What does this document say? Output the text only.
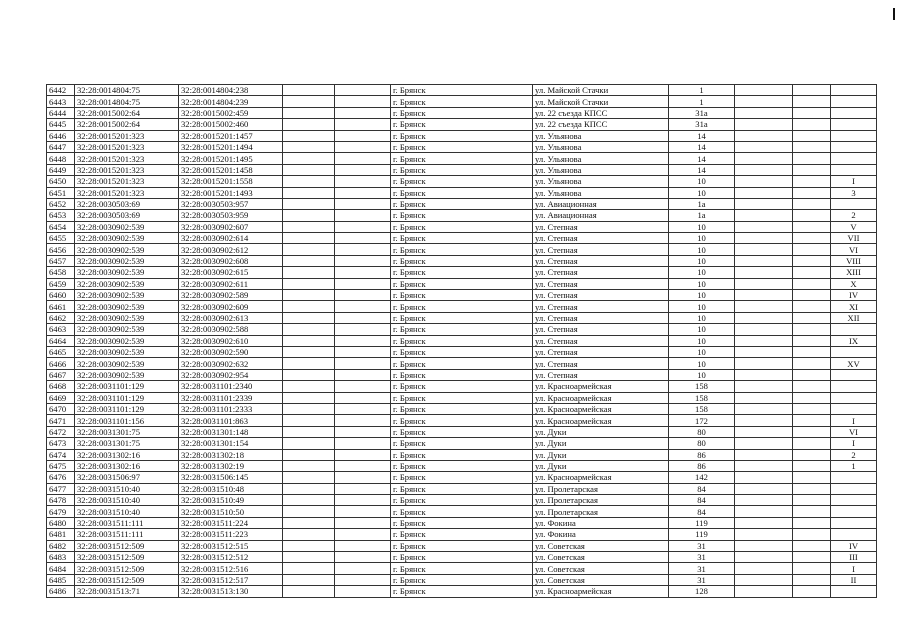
6442	32:28:0014804:75	32:28:0014804:238			г. Брянск	ул. Майской Стачки	1			
6443	32:28:0014804:75	32:28:0014804:239			г. Брянск	ул. Майской Стачки	1			
6444	32:28:0015002:64	32:28:0015002:459			г. Брянск	ул. 22 съезда КПСС	31а			
6445	32:28:0015002:64	32:28:0015002:460			г. Брянск	ул. 22 съезда КПСС	31а			
6446	32:28:0015201:323	32:28:0015201:1457			г. Брянск	ул. Ульянова	14			
6447	32:28:0015201:323	32:28:0015201:1494			г. Брянск	ул. Ульянова	14			
6448	32:28:0015201:323	32:28:0015201:1495			г. Брянск	ул. Ульянова	14			
6449	32:28:0015201:323	32:28:0015201:1458			г. Брянск	ул. Ульянова	14			
6450	32:28:0015201:323	32:28:0015201:1558			г. Брянск	ул. Ульянова	10			I
6451	32:28:0015201:323	32:28:0015201:1493			г. Брянск	ул. Ульянова	10			3
6452	32:28:0030503:69	32:28:0030503:957			г. Брянск	ул. Авиационная	1а			
6453	32:28:0030503:69	32:28:0030503:959			г. Брянск	ул. Авиационная	1а			2
6454	32:28:0030902:539	32:28:0030902:607			г. Брянск	ул. Степная	10			V
6455	32:28:0030902:539	32:28:0030902:614			г. Брянск	ул. Степная	10			VII
6456	32:28:0030902:539	32:28:0030902:612			г. Брянск	ул. Степная	10			VI
6457	32:28:0030902:539	32:28:0030902:608			г. Брянск	ул. Степная	10			VIII
6458	32:28:0030902:539	32:28:0030902:615			г. Брянск	ул. Степная	10			XIII
6459	32:28:0030902:539	32:28:0030902:611			г. Брянск	ул. Степная	10			X
6460	32:28:0030902:539	32:28:0030902:589			г. Брянск	ул. Степная	10			IV
6461	32:28:0030902:539	32:28:0030902:609			г. Брянск	ул. Степная	10			XI
6462	32:28:0030902:539	32:28:0030902:613			г. Брянск	ул. Степная	10			XII
6463	32:28:0030902:539	32:28:0030902:588			г. Брянск	ул. Степная	10			
6464	32:28:0030902:539	32:28:0030902:610			г. Брянск	ул. Степная	10			IX
6465	32:28:0030902:539	32:28:0030902:590			г. Брянск	ул. Степная	10			
6466	32:28:0030902:539	32:28:0030902:632			г. Брянск	ул. Степная	10			XV
6467	32:28:0030902:539	32:28:0030902:954			г. Брянск	ул. Степная	10			
6468	32:28:0031101:129	32:28:0031101:2340			г. Брянск	ул. Красноармейская	158			
6469	32:28:0031101:129	32:28:0031101:2339			г. Брянск	ул. Красноармейская	158			
6470	32:28:0031101:129	32:28:0031101:2333			г. Брянск	ул. Красноармейская	158			
6471	32:28:0031101:156	32:28:0031101:863			г. Брянск	ул. Красноармейская	172			I
6472	32:28:0031301:75	32:28:0031301:148			г. Брянск	ул. Дуки	80			VI
6473	32:28:0031301:75	32:28:0031301:154			г. Брянск	ул. Дуки	80			I
6474	32:28:0031302:16	32:28:0031302:18			г. Брянск	ул. Дуки	86			2
6475	32:28:0031302:16	32:28:0031302:19			г. Брянск	ул. Дуки	86			1
6476	32:28:0031506:97	32:28:0031506:145			г. Брянск	ул. Красноармейская	142			
6477	32:28:0031510:40	32:28:0031510:48			г. Брянск	ул. Пролетарская	84			
6478	32:28:0031510:40	32:28:0031510:49			г. Брянск	ул. Пролетарская	84			
6479	32:28:0031510:40	32:28:0031510:50			г. Брянск	ул. Пролетарская	84			
6480	32:28:0031511:111	32:28:0031511:224			г. Брянск	ул. Фокина	119			
6481	32:28:0031511:111	32:28:0031511:223			г. Брянск	ул. Фокина	119			
6482	32:28:0031512:509	32:28:0031512:515			г. Брянск	ул. Советская	31			IV
6483	32:28:0031512:509	32:28:0031512:512			г. Брянск	ул. Советская	31			III
6484	32:28:0031512:509	32:28:0031512:516			г. Брянск	ул. Советская	31			I
6485	32:28:0031512:509	32:28:0031512:517			г. Брянск	ул. Советская	31			II
6486	32:28:0031513:71	32:28:0031513:130			г. Брянск	ул. Красноармейская	128			
